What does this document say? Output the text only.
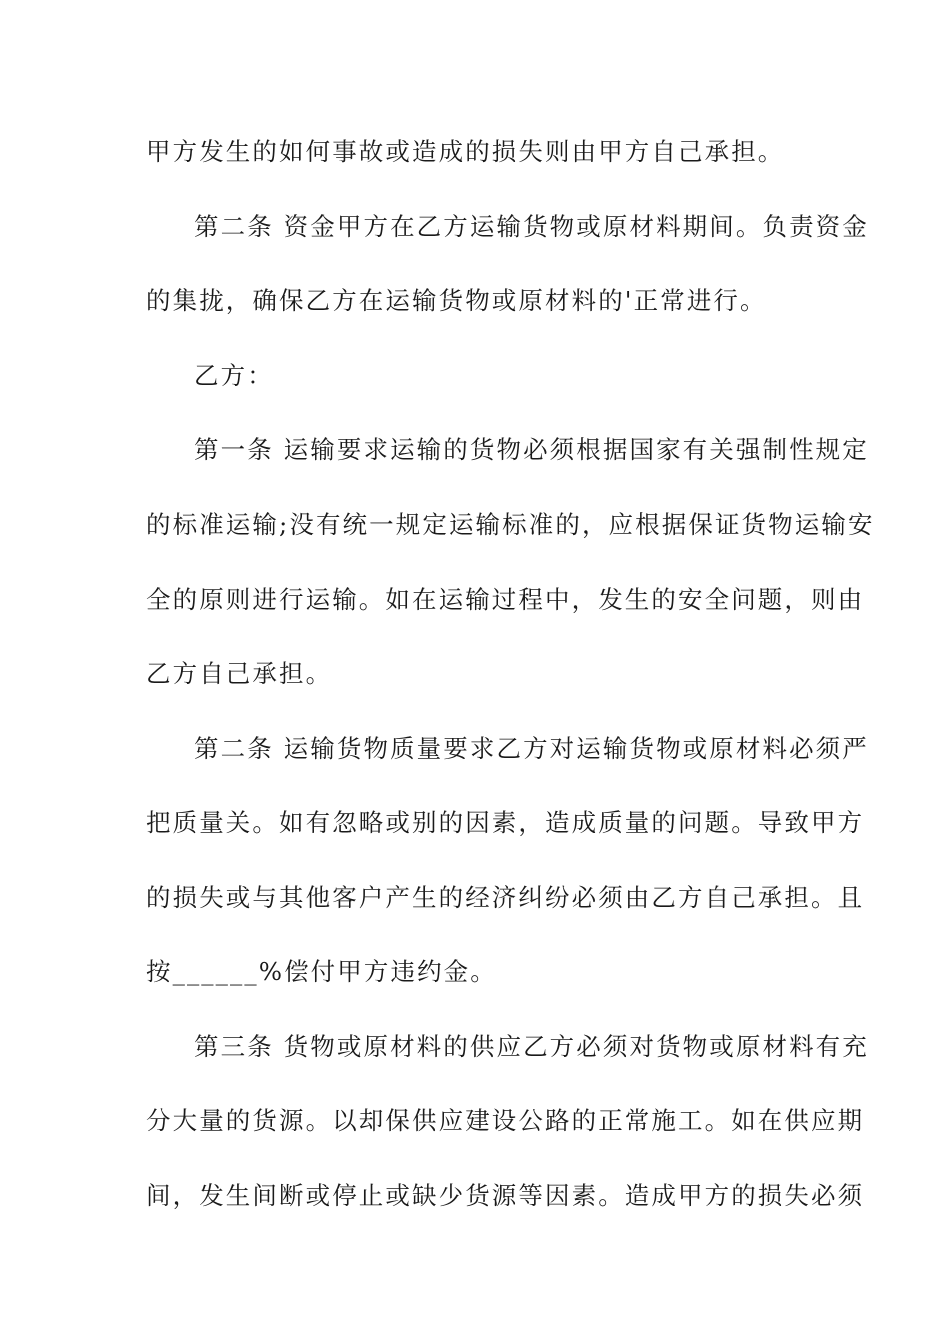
甲方发生的如何事故或造成的损失则由甲方自己承担。
第二条 资金甲方在乙方运输货物或原材料期间。负责资金
的集拢，确保乙方在运输货物或原材料的'正常进行。
乙方：
第一条 运输要求运输的货物必须根据国家有关强制性规定
的标准运输;没有统一规定运输标准的，应根据保证货物运输安
全的原则进行运输。如在运输过程中，发生的安全问题，则由
乙方自己承担。
第二条 运输货物质量要求乙方对运输货物或原材料必须严
把质量关。如有忽略或别的因素，造成质量的问题。导致甲方
的损失或与其他客户产生的经济纠纷必须由乙方自己承担。且
按______%偿付甲方违约金。
第三条 货物或原材料的供应乙方必须对货物或原材料有充
分大量的货源。以却保供应建设公路的正常施工。如在供应期
间，发生间断或停止或缺少货源等因素。造成甲方的损失必须
